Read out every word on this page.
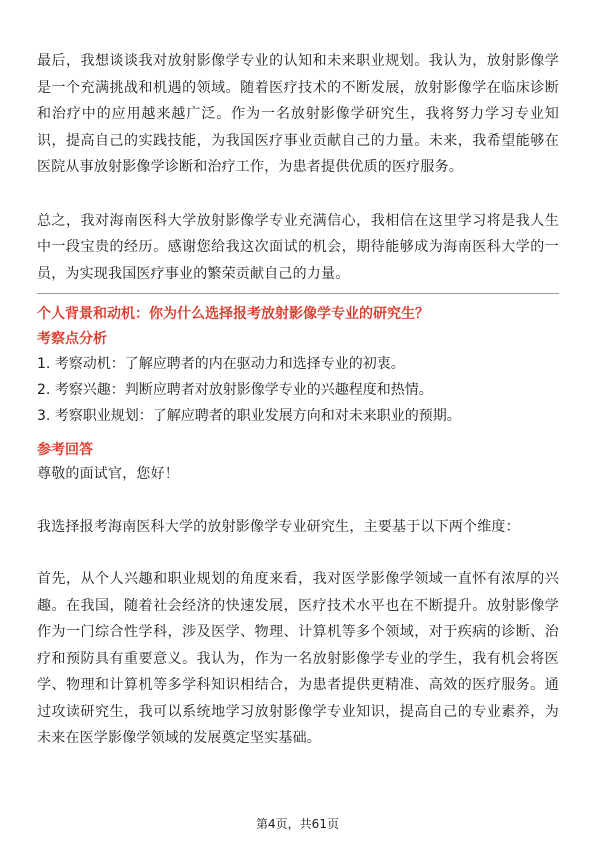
最后，我想谈谈我对放射影像学专业的认知和未来职业规划。我认为，放射影像学是一个充满挑战和机遇的领域。随着医疗技术的不断发展，放射影像学在临床诊断和治疗中的应用越来越广泛。作为一名放射影像学研究生，我将努力学习专业知识，提高自己的实践技能，为我国医疗事业贡献自己的力量。未来，我希望能够在医院从事放射影像学诊断和治疗工作，为患者提供优质的医疗服务。

总之，我对海南医科大学放射影像学专业充满信心，我相信在这里学习将是我人生中一段宝贵的经历。感谢您给我这次面试的机会，期待能够成为海南医科大学的一员，为实现我国医疗事业的繁荣贡献自己的力量。

个人背景和动机：你为什么选择报考放射影像学专业的研究生？

考察点分析

1. 考察动机：了解应聘者的内在驱动力和选择专业的初衷。

2. 考察兴趣：判断应聘者对放射影像学专业的兴趣程度和热情。

3. 考察职业规划：了解应聘者的职业发展方向和对未来职业的预期。

参考回答

尊敬的面试官，您好！

我选择报考海南医科大学的放射影像学专业研究生，主要基于以下两个维度：

首先，从个人兴趣和职业规划的角度来看，我对医学影像学领域一直怀有浓厚的兴趣。在我国，随着社会经济的快速发展，医疗技术水平也在不断提升。放射影像学作为一门综合性学科，涉及医学、物理、计算机等多个领域，对于疾病的诊断、治疗和预防具有重要意义。我认为，作为一名放射影像学专业的学生，我有机会将医学、物理和计算机等多学科知识相结合，为患者提供更精准、高效的医疗服务。通过攻读研究生，我可以系统地学习放射影像学专业知识，提高自己的专业素养，为未来在医学影像学领域的发展奠定坚实基础。

第4页，共61页
